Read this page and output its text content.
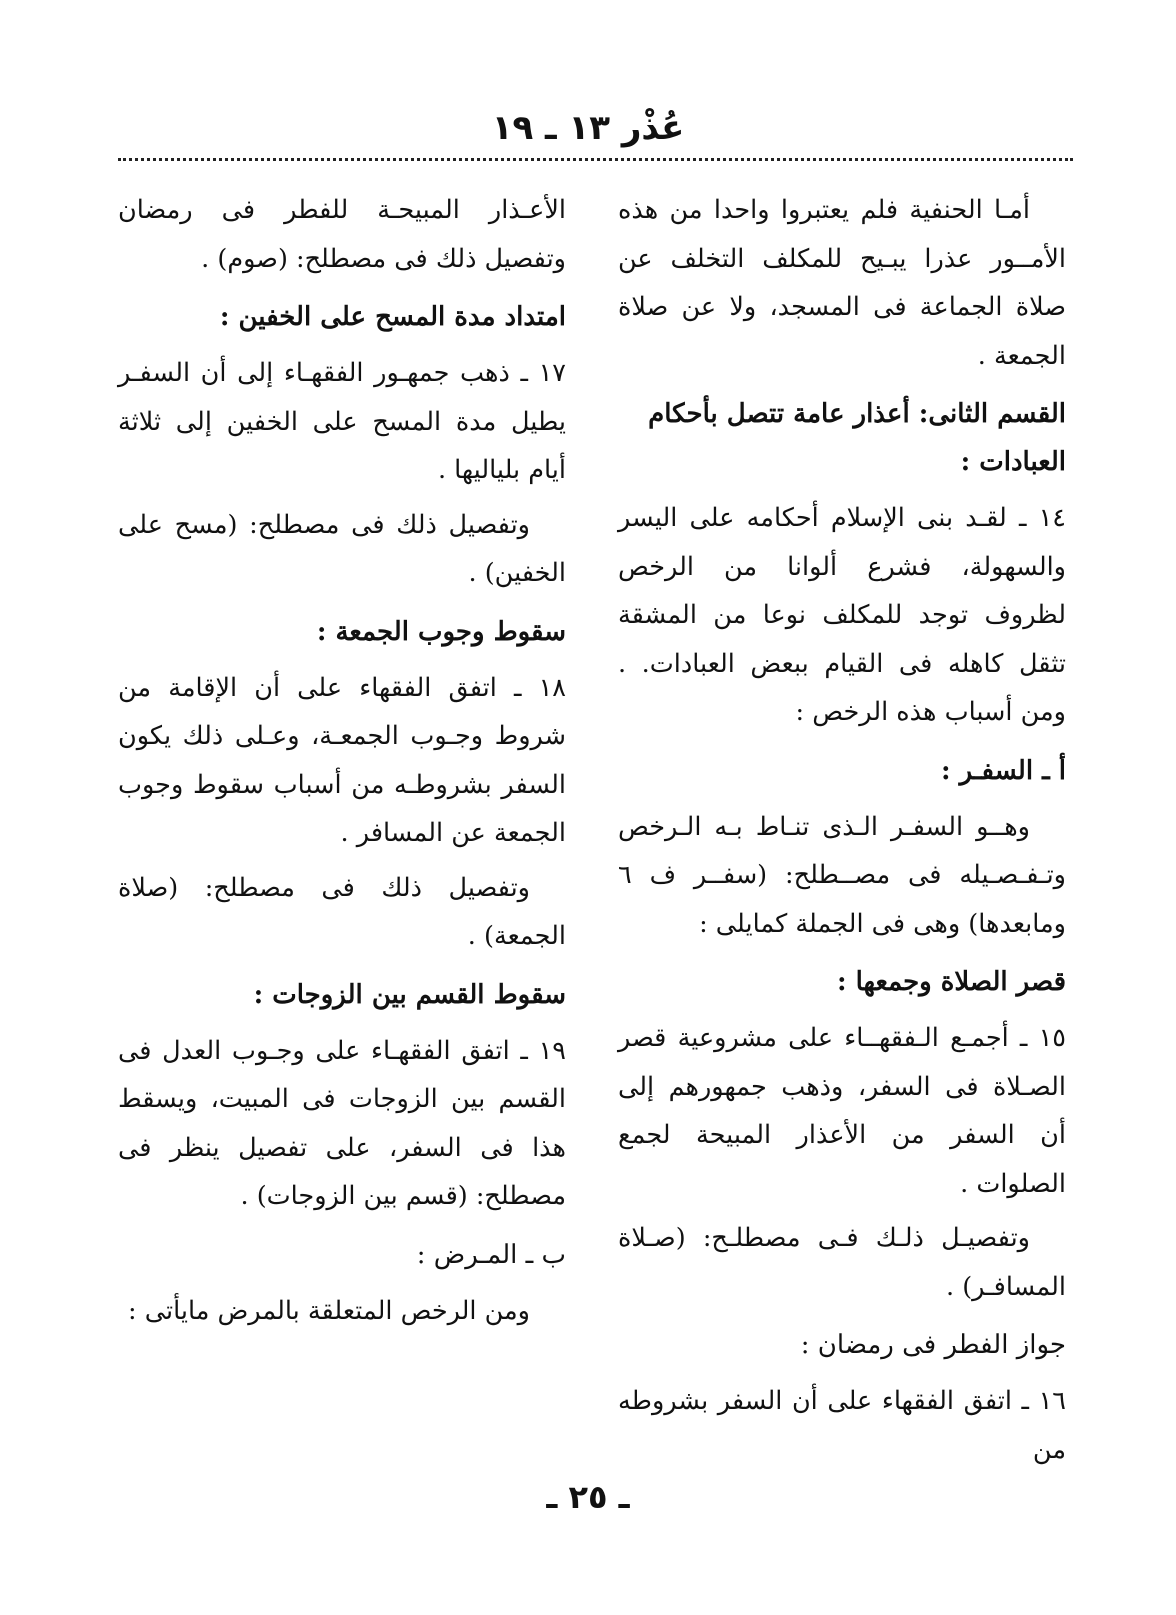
عُذْر ١٣ ـ ١٩

أمـا الحنفية فلم يعتبروا واحدا من هذه الأمــور عذرا يبـيح للمكلف التخلف عن صلاة الجماعة فى المسجد، ولا عن صلاة الجمعة .

القسم الثانى: أعذار عامة تتصل بأحكام العبادات :

١٤ ـ لقـد بنى الإسلام أحكامه على اليسر والسهولة، فشرع ألوانا من الرخص لظروف توجد للمكلف نوعا من المشقة تثقل كاهله فى القيام ببعض العبادات. . ومن أسباب هذه الرخص :

أ ـ السفـر :

وهــو السفـر الـذى تنـاط بـه الـرخص وتـفـصـيله فى مصــطلح: (سفــر ف ٦ ومابعدها) وهى فى الجملة كمايلى :

قصر الصلاة وجمعها :

١٥ ـ أجمـع الـفقهــاء على مشروعية قصر الصـلاة فى السفر، وذهب جمهورهم إلى أن السفر من الأعذار المبيحة لجمع الصلوات .

وتفصيـل ذلـك فـى مصطلـح: (صـلاة المسافـر) .

جواز الفطر فى رمضان :

١٦ ـ اتفق الفقهاء على أن السفر بشروطه من

الأعـذار المبيحـة للفطر فى رمضان وتفصيل ذلك فى مصطلح: (صوم) .

امتداد مدة المسح على الخفين :

١٧ ـ ذهب جمهـور الفقهـاء إلى أن السفـر يطيل مدة المسح على الخفين إلى ثلاثة أيام بلياليها .

وتفصيل ذلك فى مصطلح: (مسح على الخفين) .

سقوط وجوب الجمعة :

١٨ ـ اتفق الفقهاء على أن الإقامة من شروط وجـوب الجمعـة، وعـلى ذلك يكون السفر بشروطـه من أسباب سقوط وجوب الجمعة عن المسافر .

وتفصيل ذلك فى مصطلح: (صلاة الجمعة) .

سقوط القسم بين الزوجات :

١٩ ـ اتفق الفقهـاء على وجـوب العدل فى القسم بين الزوجات فى المبيت، ويسقط هذا فى السفر، على تفصيل ينظر فى مصطلح: (قسم بين الزوجات) .

ب ـ المـرض :

ومن الرخص المتعلقة بالمرض مايأتى :

ـ ٢٥ ـ
